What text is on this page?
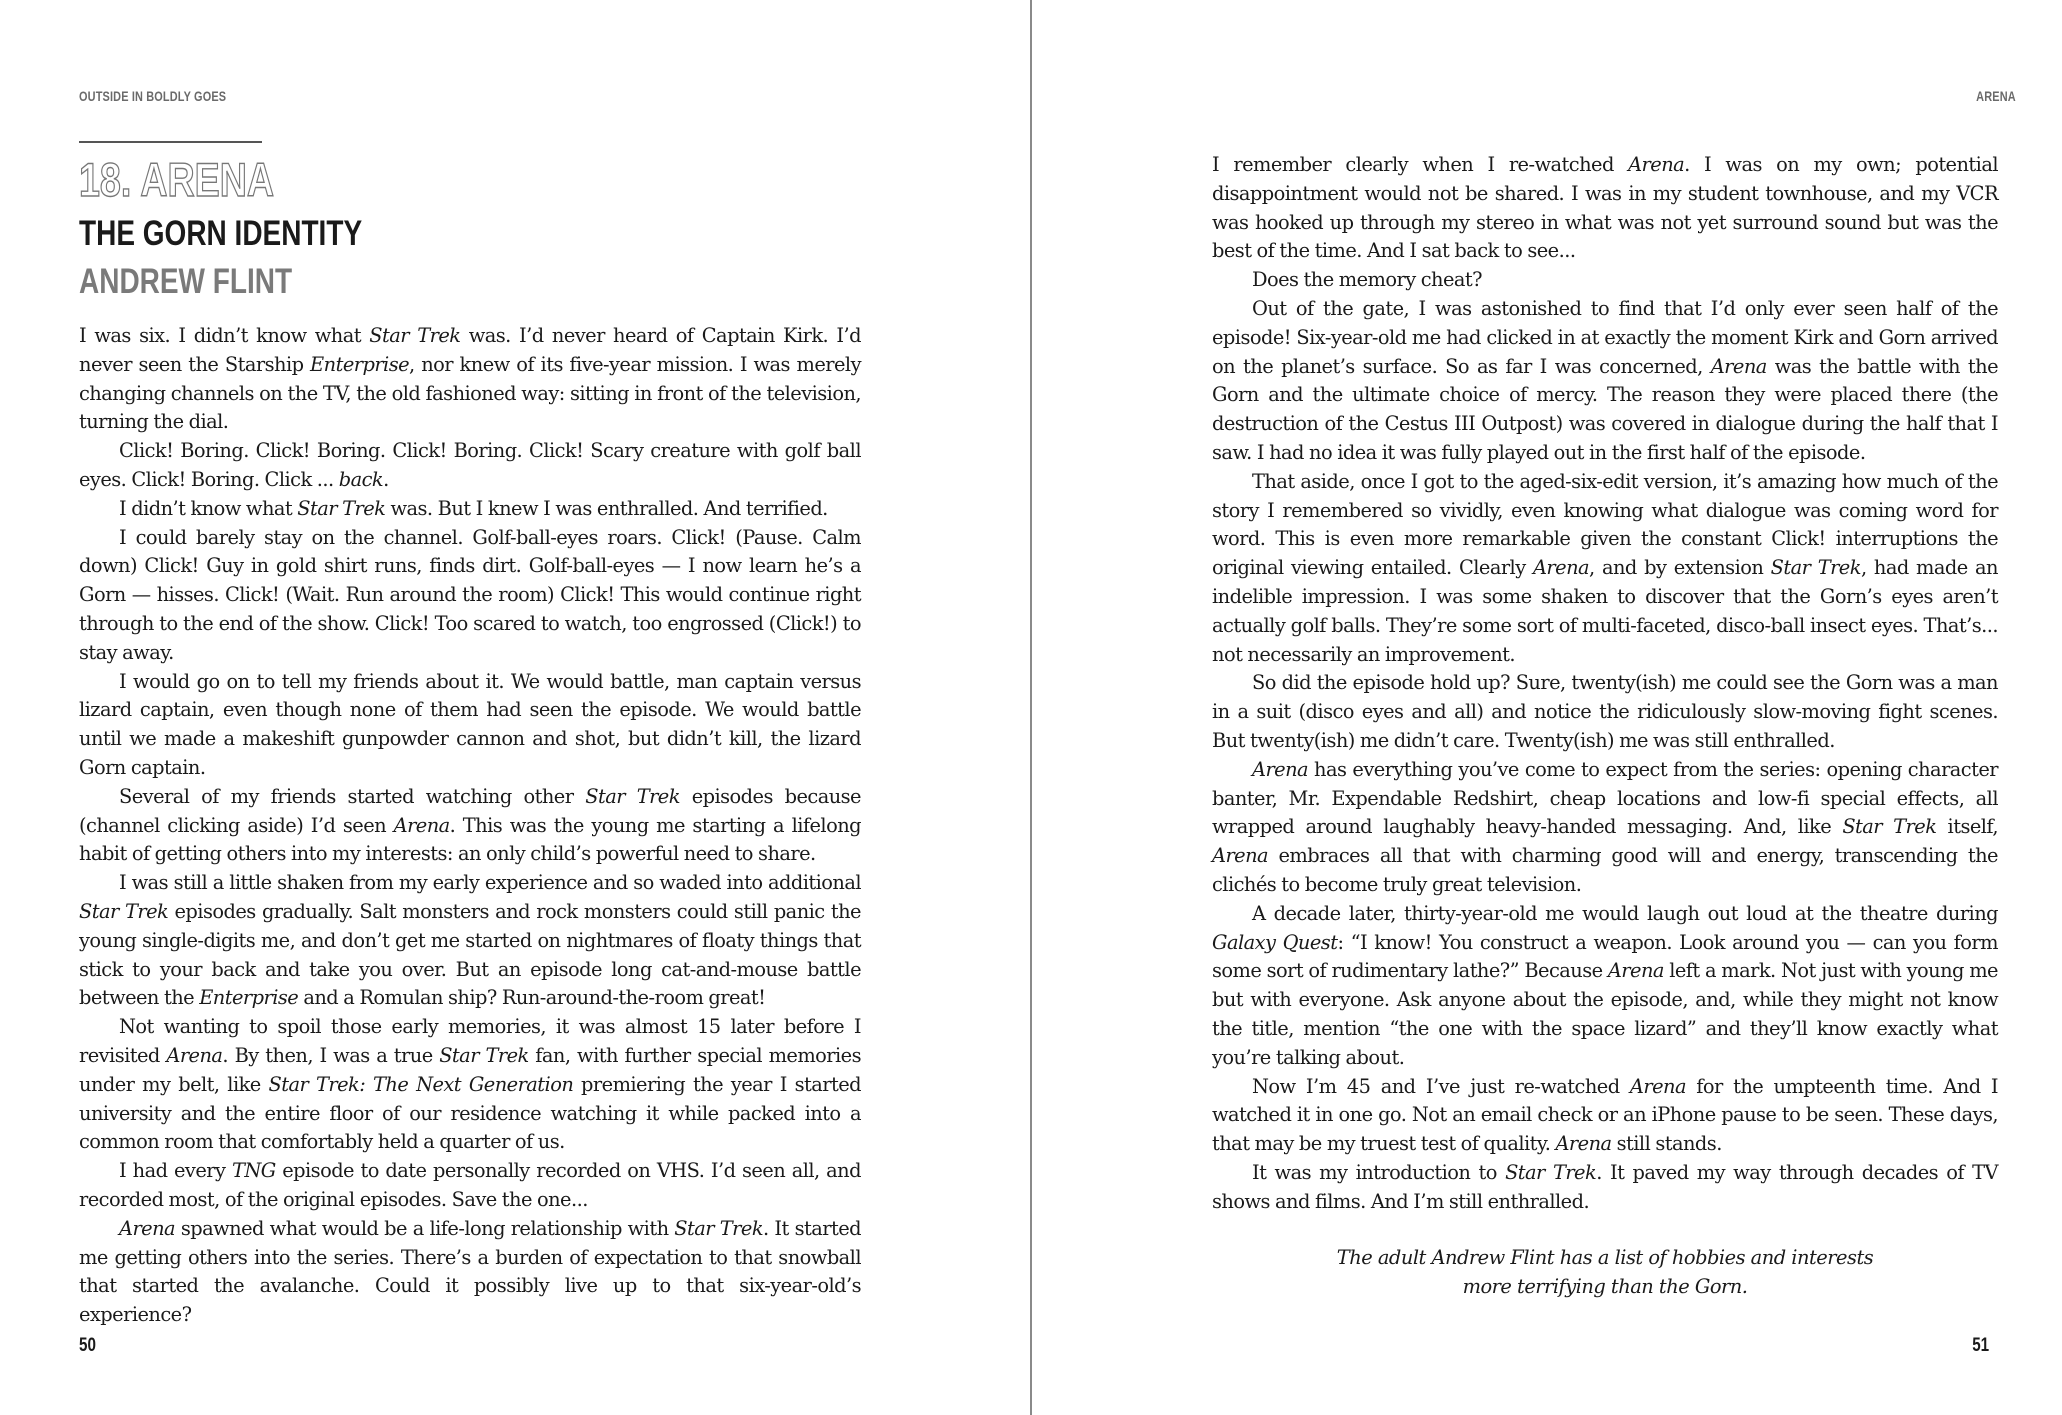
OUTSIDE IN BOLDLY GOES
18. ARENA
THE GORN IDENTITY
ANDREW FLINT

I was six. I didn’t know what Star Trek was. I’d never heard of Captain Kirk. I’d never seen the Starship Enterprise, nor knew of its five-year mission. I was merely changing channels on the TV, the old fashioned way: sitting in front of the television, turning the dial.

Click! Boring. Click! Boring. Click! Boring. Click! Scary creature with golf ball eyes. Click! Boring. Click ... back.

I didn’t know what Star Trek was. But I knew I was enthralled. And terrified.

I could barely stay on the channel. Golf-ball-eyes roars. Click! (Pause. Calm down) Click! Guy in gold shirt runs, finds dirt. Golf-ball-eyes — I now learn he’s a Gorn — hisses. Click! (Wait. Run around the room) Click! This would continue right through to the end of the show. Click! Too scared to watch, too engrossed (Click!) to stay away.

I would go on to tell my friends about it. We would battle, man captain versus lizard captain, even though none of them had seen the episode. We would battle until we made a makeshift gunpowder cannon and shot, but didn’t kill, the lizard Gorn captain.

Several of my friends started watching other Star Trek episodes because (channel clicking aside) I’d seen Arena. This was the young me starting a lifelong habit of getting others into my interests: an only child’s powerful need to share.

I was still a little shaken from my early experience and so waded into additional Star Trek episodes gradually. Salt monsters and rock monsters could still panic the young single-digits me, and don’t get me started on nightmares of floaty things that stick to your back and take you over. But an episode long cat-and-mouse battle between the Enterprise and a Romulan ship? Run-around-the-room great!

Not wanting to spoil those early memories, it was almost 15 later before I revisited Arena. By then, I was a true Star Trek fan, with further special memories under my belt, like Star Trek: The Next Generation premiering the year I started university and the entire floor of our residence watching it while packed into a common room that comfortably held a quarter of us.

I had every TNG episode to date personally recorded on VHS. I’d seen all, and recorded most, of the original episodes. Save the one...

Arena spawned what would be a life-long relationship with Star Trek. It started me getting others into the series. There’s a burden of expectation to that snowball that started the avalanche. Could it possibly live up to that six-year-old’s experience?

50
ARENA

I remember clearly when I re-watched Arena. I was on my own; potential disappointment would not be shared. I was in my student townhouse, and my VCR was hooked up through my stereo in what was not yet surround sound but was the best of the time. And I sat back to see...

Does the memory cheat?

Out of the gate, I was astonished to find that I’d only ever seen half of the episode! Six-year-old me had clicked in at exactly the moment Kirk and Gorn arrived on the planet’s surface. So as far I was concerned, Arena was the battle with the Gorn and the ultimate choice of mercy. The reason they were placed there (the destruction of the Cestus III Outpost) was covered in dialogue during the half that I saw. I had no idea it was fully played out in the first half of the episode.

That aside, once I got to the aged-six-edit version, it’s amazing how much of the story I remembered so vividly, even knowing what dialogue was coming word for word. This is even more remarkable given the constant Click! interruptions the original viewing entailed. Clearly Arena, and by extension Star Trek, had made an indelible impression. I was some shaken to discover that the Gorn’s eyes aren’t actually golf balls. They’re some sort of multi-faceted, disco-ball insect eyes. That’s... not necessarily an improvement.

So did the episode hold up? Sure, twenty(ish) me could see the Gorn was a man in a suit (disco eyes and all) and notice the ridiculously slow-moving fight scenes. But twenty(ish) me didn’t care. Twenty(ish) me was still enthralled.

Arena has everything you’ve come to expect from the series: opening character banter, Mr. Expendable Redshirt, cheap locations and low-fi special effects, all wrapped around laughably heavy-handed messaging. And, like Star Trek itself, Arena embraces all that with charming good will and energy, transcending the clichés to become truly great television.

A decade later, thirty-year-old me would laugh out loud at the theatre during Galaxy Quest: “I know! You construct a weapon. Look around you — can you form some sort of rudimentary lathe?” Because Arena left a mark. Not just with young me but with everyone. Ask anyone about the episode, and, while they might not know the title, mention “the one with the space lizard” and they’ll know exactly what you’re talking about.

Now I’m 45 and I’ve just re-watched Arena for the umpteenth time. And I watched it in one go. Not an email check or an iPhone pause to be seen. These days, that may be my truest test of quality. Arena still stands.

It was my introduction to Star Trek. It paved my way through decades of TV shows and films. And I’m still enthralled.

The adult Andrew Flint has a list of hobbies and interests
more terrifying than the Gorn.
51
